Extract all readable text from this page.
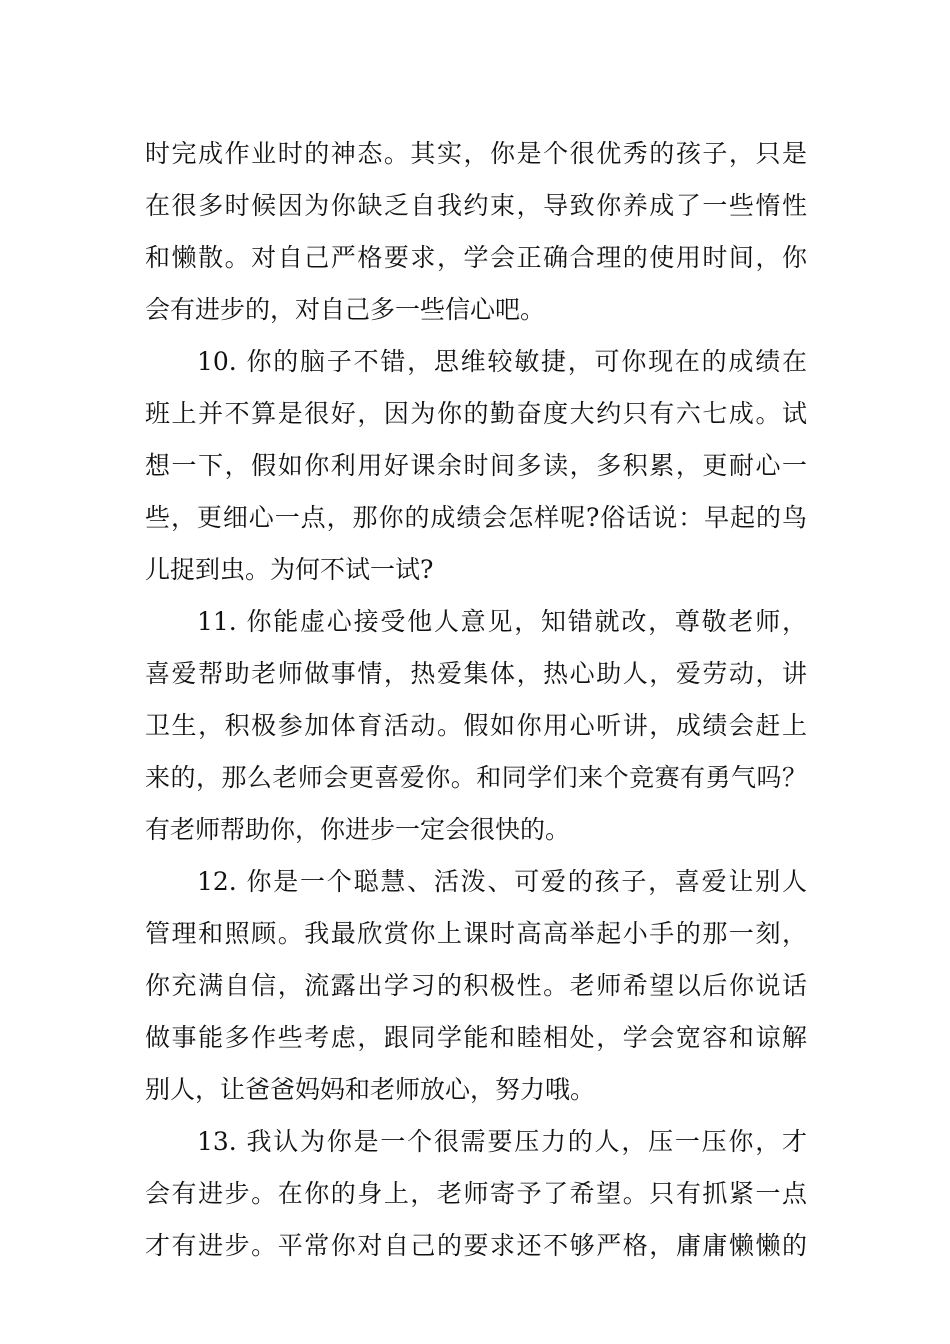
时完成作业时的神态。其实，你是个很优秀的孩子，只是
在很多时候因为你缺乏自我约束，导致你养成了一些惰性
和懒散。对自己严格要求，学会正确合理的使用时间，你
会有进步的，对自己多一些信心吧。
10. 你的脑子不错，思维较敏捷，可你现在的成绩在
班上并不算是很好，因为你的勤奋度大约只有六七成。试
想一下，假如你利用好课余时间多读，多积累，更耐心一
些，更细心一点，那你的成绩会怎样呢?俗话说：早起的鸟
儿捉到虫。为何不试一试?
11. 你能虚心接受他人意见，知错就改，尊敬老师，
喜爱帮助老师做事情，热爱集体，热心助人，爱劳动，讲
卫生，积极参加体育活动。假如你用心听讲，成绩会赶上
来的，那么老师会更喜爱你。和同学们来个竞赛有勇气吗？
有老师帮助你，你进步一定会很快的。
12. 你是一个聪慧、活泼、可爱的孩子，喜爱让别人
管理和照顾。我最欣赏你上课时高高举起小手的那一刻，
你充满自信，流露出学习的积极性。老师希望以后你说话
做事能多作些考虑，跟同学能和睦相处，学会宽容和谅解
别人，让爸爸妈妈和老师放心，努力哦。
13. 我认为你是一个很需要压力的人，压一压你，才
会有进步。在你的身上，老师寄予了希望。只有抓紧一点
才有进步。平常你对自己的要求还不够严格，庸庸懒懒的
